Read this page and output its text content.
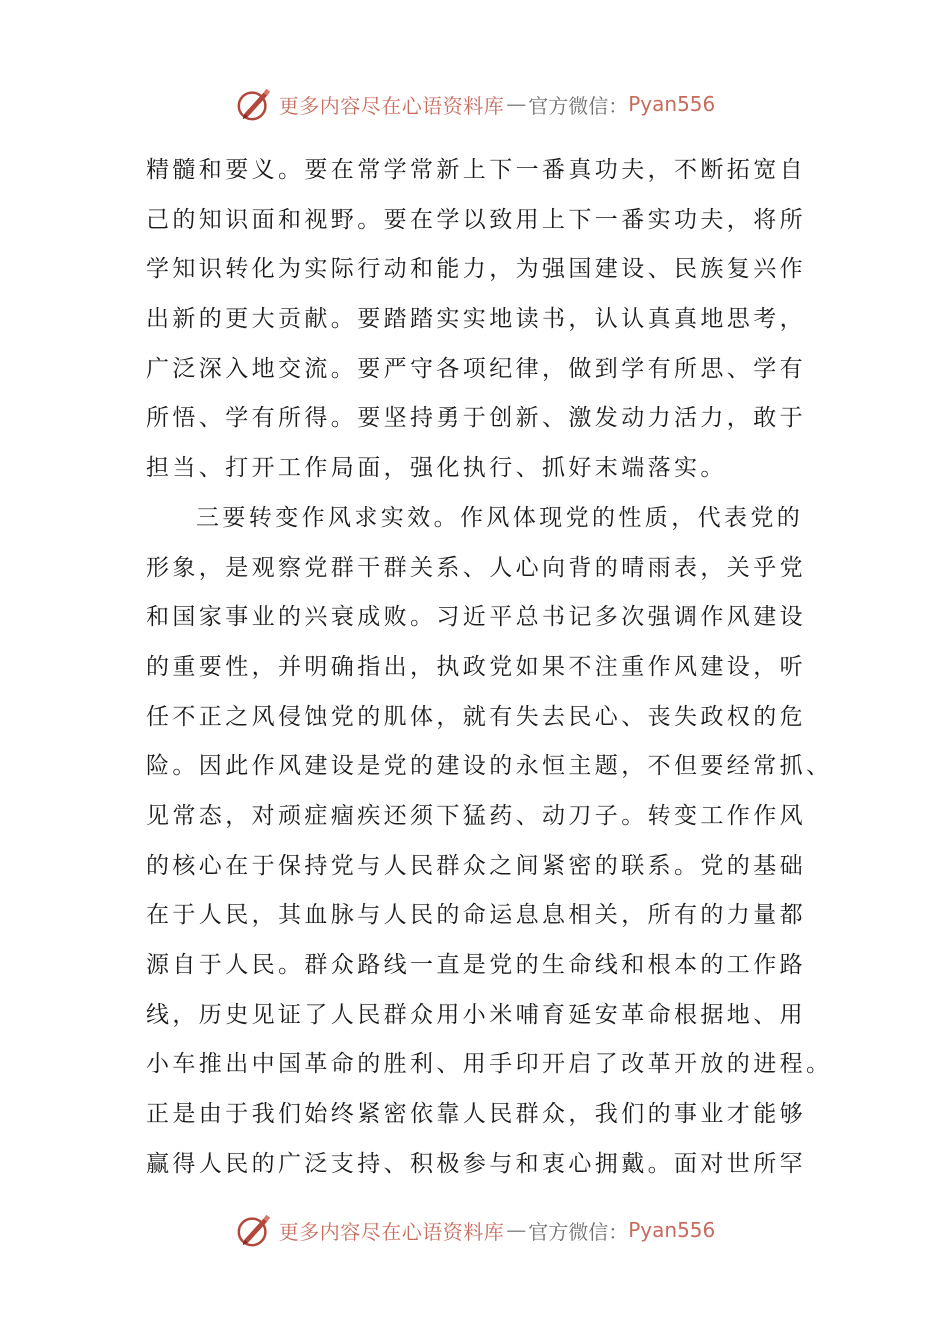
更多内容尽在心语资料库 — 官方微信： Pyan556
精髓和要义。要在常学常新上下一番真功夫，不断拓宽自
己的知识面和视野。要在学以致用上下一番实功夫，将所
学知识转化为实际行动和能力，为强国建设、民族复兴作
出新的更大贡献。要踏踏实实地读书，认认真真地思考，
广泛深入地交流。要严守各项纪律，做到学有所思、学有
所悟、学有所得。要坚持勇于创新、激发动力活力，敢于
担当、打开工作局面，强化执行、抓好末端落实。
三要转变作风求实效。作风体现党的性质，代表党的
形象，是观察党群干群关系、人心向背的晴雨表，关乎党
和国家事业的兴衰成败。习近平总书记多次强调作风建设
的重要性，并明确指出，执政党如果不注重作风建设，听
任不正之风侵蚀党的肌体，就有失去民心、丧失政权的危
险。因此作风建设是党的建设的永恒主题，不但要经常抓、
见常态，对顽症痼疾还须下猛药、动刀子。转变工作作风
的核心在于保持党与人民群众之间紧密的联系。党的基础
在于人民，其血脉与人民的命运息息相关，所有的力量都
源自于人民。群众路线一直是党的生命线和根本的工作路
线，历史见证了人民群众用小米哺育延安革命根据地、用
小车推出中国革命的胜利、用手印开启了改革开放的进程。
正是由于我们始终紧密依靠人民群众，我们的事业才能够
赢得人民的广泛支持、积极参与和衷心拥戴。面对世所罕
更多内容尽在心语资料库 — 官方微信： Pyan556
